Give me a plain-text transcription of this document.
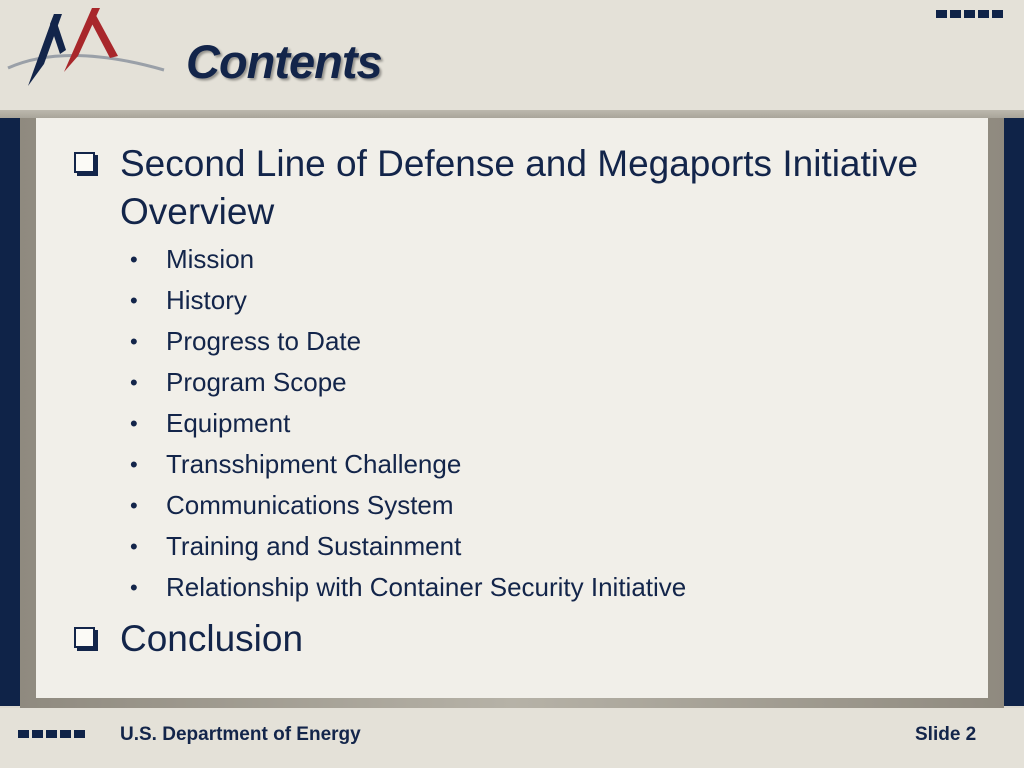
Contents
Second Line of Defense and Megaports Initiative Overview
• Mission
• History
• Progress to Date
• Program Scope
• Equipment
• Transshipment Challenge
• Communications System
• Training and Sustainment
• Relationship with Container Security Initiative
Conclusion
U.S. Department of Energy	Slide 2
